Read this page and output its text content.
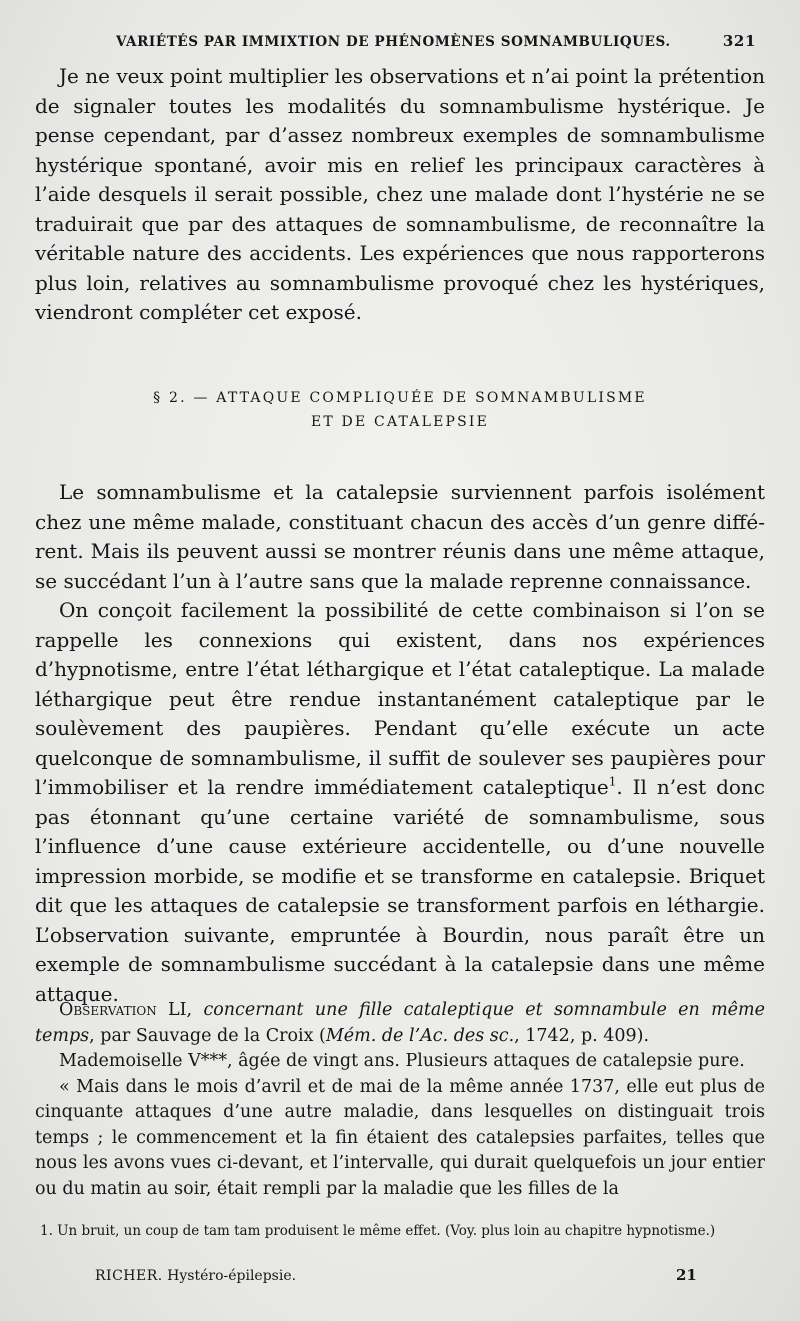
VARIÉTÉS PAR IMMIXTION DE PHÉNOMÈNES SOMNAMBULIQUES.	321

Je ne veux point multiplier les observations et n’ai point la prétention de signaler toutes les modalités du somnambulisme hystérique. Je pense cependant, par d’assez nombreux exemples de somnambulisme hystérique spontané, avoir mis en relief les principaux caractères à l’aide desquels il serait possible, chez une malade dont l’hystérie ne se traduirait que par des attaques de somnambulisme, de reconnaître la véritable nature des accidents. Les expériences que nous rapporterons plus loin, relatives au somnambulisme provoqué chez les hystériques, viendront compléter cet exposé.

§ 2. — ATTAQUE COMPLIQUÉE DE SOMNAMBULISME
ET DE CATALEPSIE

Le somnambulisme et la catalepsie surviennent parfois isolément chez une même malade, constituant chacun des accès d’un genre différent. Mais ils peuvent aussi se montrer réunis dans une même attaque, se succédant l’un à l’autre sans que la malade reprenne connaissance.

On conçoit facilement la possibilité de cette combinaison si l’on se rappelle les connexions qui existent, dans nos expériences d’hypnotisme, entre l’état léthargique et l’état cataleptique. La malade léthargique peut être rendue instantanément cataleptique par le soulèvement des paupières. Pendant qu’elle exécute un acte quelconque de somnambulisme, il suffit de soulever ses paupières pour l’immobiliser et la rendre immédiatement cataleptique$^1$. Il n’est donc pas étonnant qu’une certaine variété de somnambulisme, sous l’influence d’une cause extérieure accidentelle, ou d’une nouvelle impression morbide, se modifie et se transforme en catalepsie. Briquet dit que les attaques de catalepsie se transforment parfois en léthargie. L’observation suivante, empruntée à Bourdin, nous paraît être un exemple de somnambulisme succédant à la catalepsie dans une même attaque.

Observation LI, concernant une fille cataleptique et somnambule en même temps, par Sauvage de la Croix (Mém. de l’Ac. des sc., 1742, p. 409).

Mademoiselle V***, âgée de vingt ans. Plusieurs attaques de catalepsie pure.

« Mais dans le mois d’avril et de mai de la même année 1737, elle eut plus de cinquante attaques d’une autre maladie, dans lesquelles on distinguait trois temps ; le commencement et la fin étaient des catalepsies parfaites, telles que nous les avons vues ci-devant, et l’intervalle, qui durait quelquefois un jour entier ou du matin au soir, était rempli par la maladie que les filles de la

1. Un bruit, un coup de tam tam produisent le même effet. (Voy. plus loin au chapitre hypnotisme.)
RICHER. Hystéro-épilepsie.	21
